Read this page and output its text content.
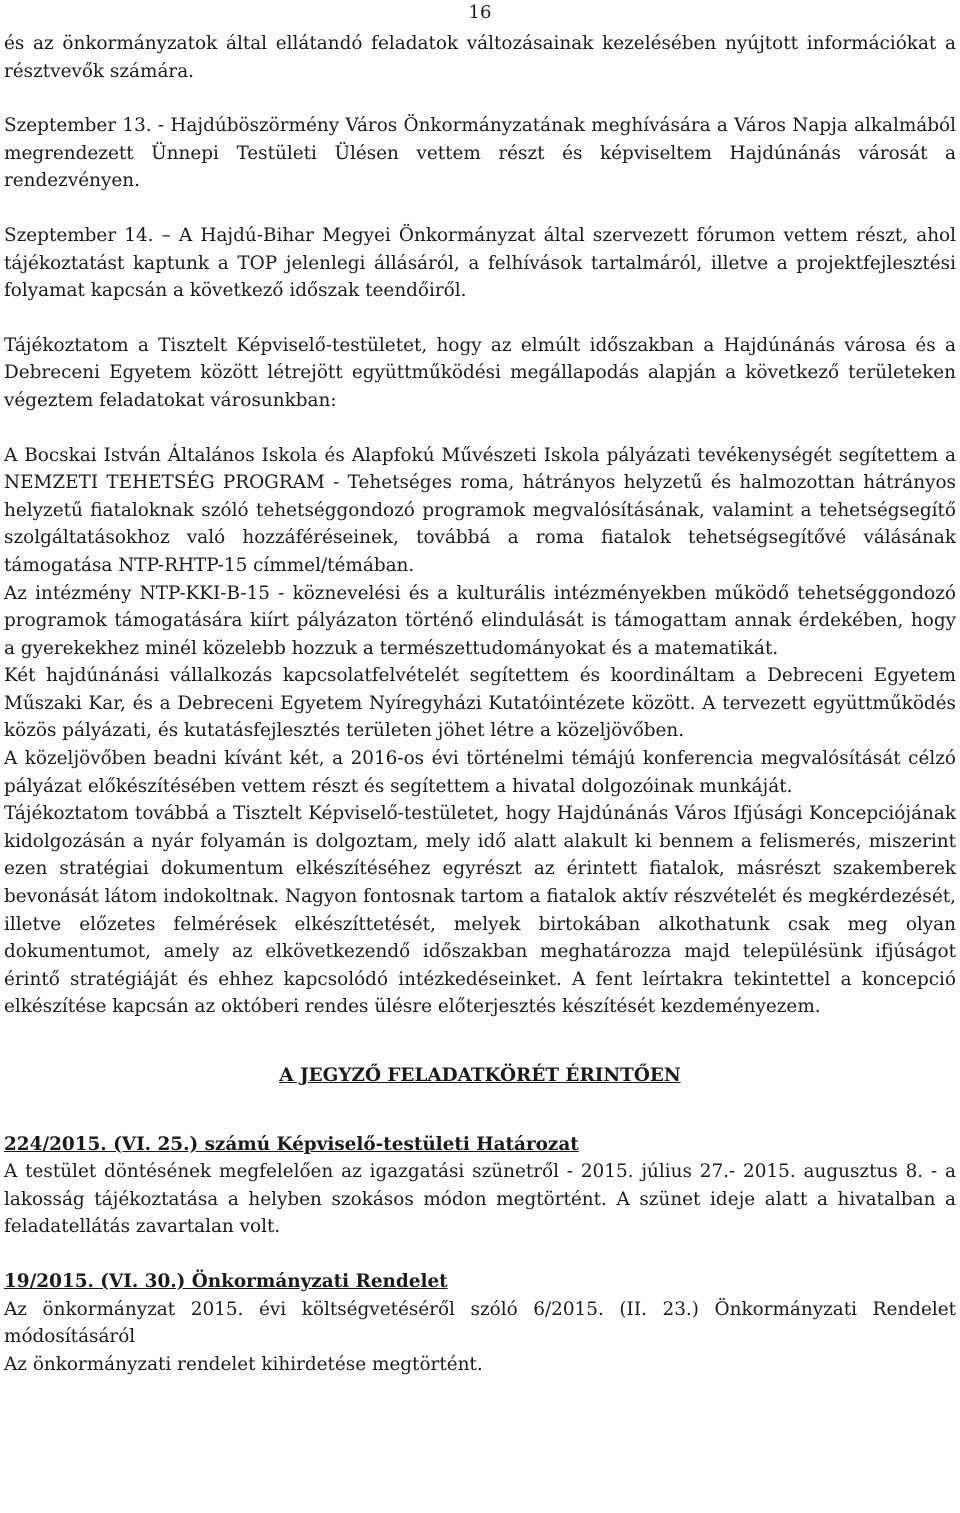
16

és az önkormányzatok által ellátandó feladatok változásainak kezelésében nyújtott információkat a résztvevők számára.

Szeptember 13. - Hajdúböszörmény Város Önkormányzatának meghívására a Város Napja alkalmából megrendezett Ünnepi Testületi Ülésen vettem részt és képviseltem Hajdúnánás városát a rendezvényen.

Szeptember 14. – A Hajdú-Bihar Megyei Önkormányzat által szervezett fórumon vettem részt, ahol tájékoztatást kaptunk a TOP jelenlegi állásáról, a felhívások tartalmáról, illetve a projektfejlesztési folyamat kapcsán a következő időszak teendőiről.

Tájékoztatom a Tisztelt Képviselő-testületet, hogy az elmúlt időszakban a Hajdúnánás városa és a Debreceni Egyetem között létrejött együttműködési megállapodás alapján a következő területeken végeztem feladatokat városunkban:

A Bocskai István Általános Iskola és Alapfokú Művészeti Iskola pályázati tevékenységét segítettem a NEMZETI TEHETSÉG PROGRAM - Tehetséges roma, hátrányos helyzetű és halmozottan hátrányos helyzetű fiataloknak szóló tehetséggondozó programok megvalósításának, valamint a tehetségsegítő szolgáltatásokhoz való hozzáféréseinek, továbbá a roma fiatalok tehetségsegítővé válásának támogatása NTP-RHTP-15 címmel/témában.

Az intézmény NTP-KKI-B-15 - köznevelési és a kulturális intézményekben működő tehetséggondozó programok támogatására kiírt pályázaton történő elindulását is támogattam annak érdekében, hogy a gyerekekhez minél közelebb hozzuk a természettudományokat és a matematikát.

Két hajdúnánási vállalkozás kapcsolatfelvételét segítettem és koordináltam a Debreceni Egyetem Műszaki Kar, és a Debreceni Egyetem Nyíregyházi Kutatóintézete között. A tervezett együttműködés közös pályázati, és kutatásfejlesztés területen jöhet létre a közeljövőben.

A közeljövőben beadni kívánt két, a 2016-os évi történelmi témájú konferencia megvalósítását célzó pályázat előkészítésében vettem részt és segítettem a hivatal dolgozóinak munkáját.

Tájékoztatom továbbá a Tisztelt Képviselő-testületet, hogy Hajdúnánás Város Ifjúsági Koncepciójának kidolgozásán a nyár folyamán is dolgoztam, mely idő alatt alakult ki bennem a felismerés, miszerint ezen stratégiai dokumentum elkészítéséhez egyrészt az érintett fiatalok, másrészt szakemberek bevonását látom indokoltnak. Nagyon fontosnak tartom a fiatalok aktív részvételét és megkérdezését, illetve előzetes felmérések elkészíttetését, melyek birtokában alkothatunk csak meg olyan dokumentumot, amely az elkövetkezendő időszakban meghatározza majd településünk ifjúságot érintő stratégiáját és ehhez kapcsolódó intézkedéseinket. A fent leírtakra tekintettel a koncepció elkészítése kapcsán az októberi rendes ülésre előterjesztés készítését kezdeményezem.

A JEGYZŐ FELADATKÖRÉT ÉRINTŐEN

224/2015. (VI. 25.) számú Képviselő-testületi Határozat

A testület döntésének megfelelően az igazgatási szünetről - 2015. július 27.- 2015. augusztus 8. - a lakosság tájékoztatása a helyben szokásos módon megtörtént. A szünet ideje alatt a hivatalban a feladatellátás zavartalan volt.

19/2015. (VI. 30.) Önkormányzati Rendelet

Az önkormányzat 2015. évi költségvetéséről szóló 6/2015. (II. 23.) Önkormányzati Rendelet módosításáról

Az önkormányzati rendelet kihirdetése megtörtént.
